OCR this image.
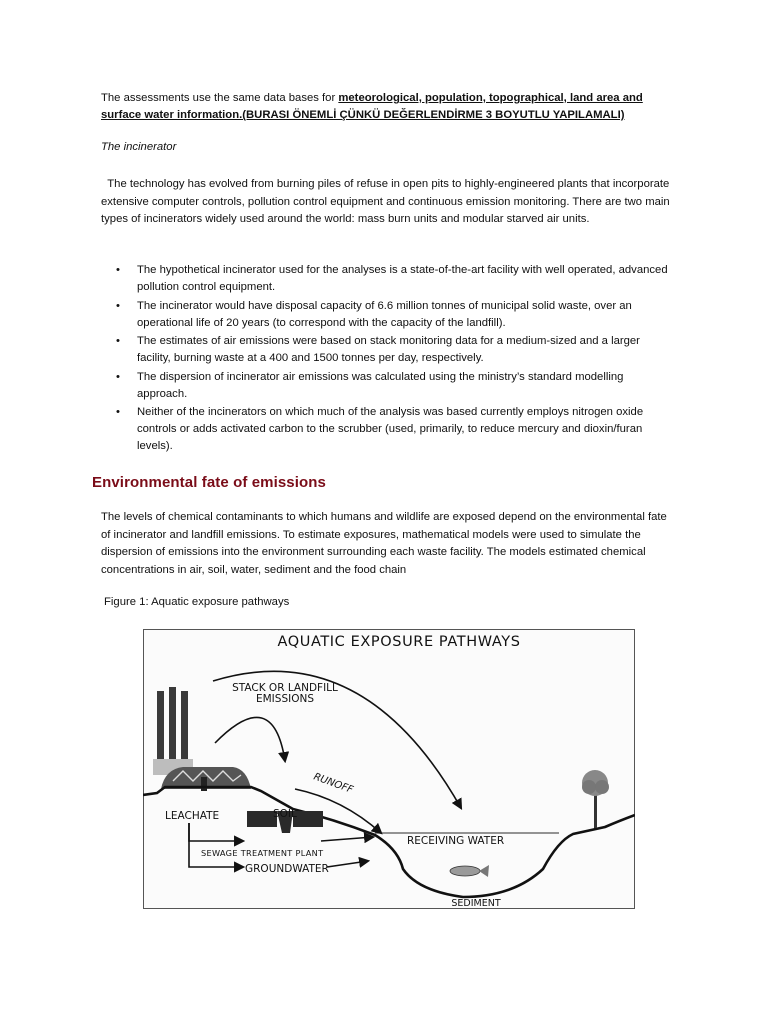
The assessments use the same data bases for meteorological, population, topographical, land area and surface water information.(BURASI ÖNEMLİ ÇÜNKÜ DEĞERLENDİRME 3 BOYUTLU YAPILAMALI)

The incinerator

The technology has evolved from burning piles of refuse in open pits to highly-engineered plants that incorporate extensive computer controls, pollution control equipment and continuous emission monitoring. There are two main types of incinerators widely used around the world: mass burn units and modular starved air units.

• The hypothetical incinerator used for the analyses is a state-of-the-art facility with well operated, advanced pollution control equipment.
• The incinerator would have disposal capacity of 6.6 million tonnes of municipal solid waste, over an operational life of 20 years (to correspond with the capacity of the landfill).
• The estimates of air emissions were based on stack monitoring data for a medium-sized and a larger facility, burning waste at a 400 and 1500 tonnes per day, respectively.
• The dispersion of incinerator air emissions was calculated using the ministry’s standard modelling approach.
• Neither of the incinerators on which much of the analysis was based currently employs nitrogen oxide controls or adds activated carbon to the scrubber (used, primarily, to reduce mercury and dioxin/furan levels).
Environmental fate of emissions

The levels of chemical contaminants to which humans and wildlife are exposed depend on the environmental fate of incinerator and landfill emissions. To estimate exposures, mathematical models were used to simulate the dispersion of emissions into the environment surrounding each waste facility. The models estimated chemical concentrations in air, soil, water, sediment and the food chain

Figure 1: Aquatic exposure pathways

AQUATIC EXPOSURE PATHWAYS
STACK OR LANDFILL
EMISSIONS
RUNOFF
LEACHATE	SOIL
RECEIVING WATER
SEWAGE TREATMENT PLANT
GROUNDWATER
SEDIMENT
